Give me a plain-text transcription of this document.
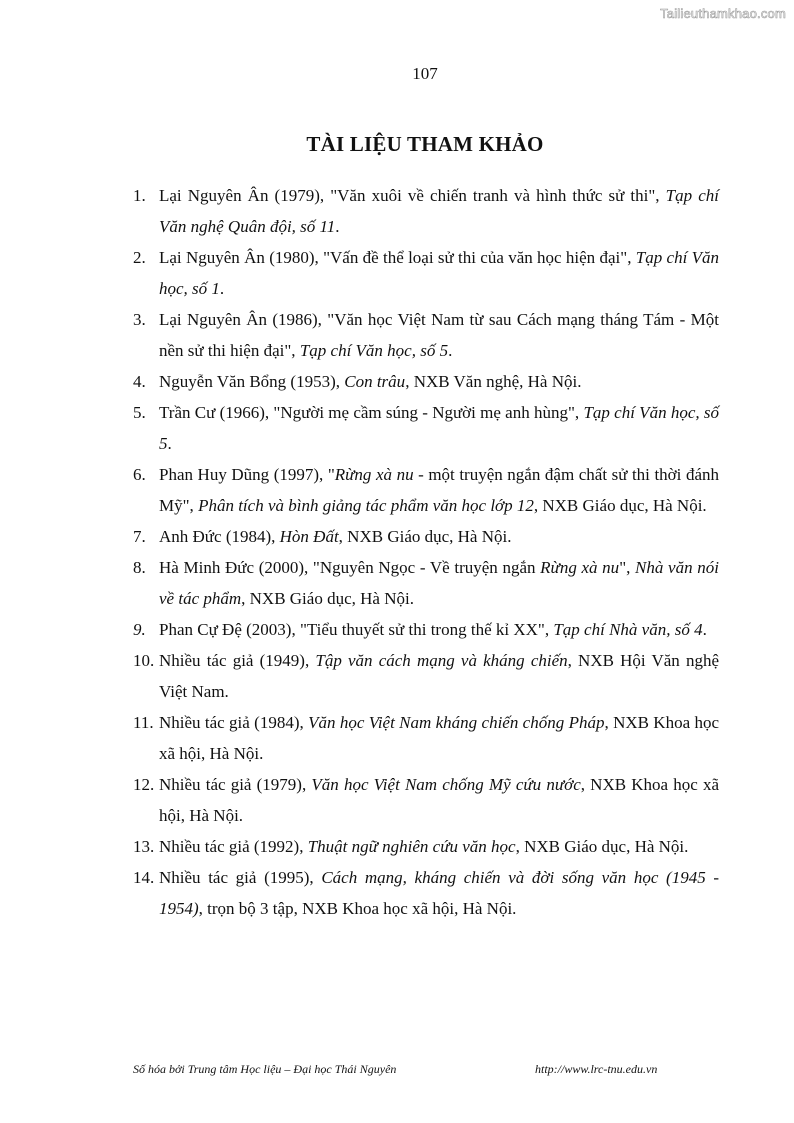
Tailieuthamkhao.com
107
TÀI LIỆU THAM KHẢO
1. Lại Nguyên Ân (1979), "Văn xuôi về chiến tranh và hình thức sử thi", Tạp chí Văn nghệ Quân đội, số 11.
2. Lại Nguyên Ân (1980), "Vấn đề thể loại sử thi của văn học hiện đại", Tạp chí Văn học, số 1.
3. Lại Nguyên Ân (1986), "Văn học Việt Nam từ sau Cách mạng tháng Tám - Một nền sử thi hiện đại", Tạp chí Văn học, số 5.
4. Nguyễn Văn Bổng (1953), Con trâu, NXB Văn nghệ, Hà Nội.
5. Trần Cư (1966), "Người mẹ cầm súng - Người mẹ anh hùng", Tạp chí Văn học, số 5.
6. Phan Huy Dũng (1997), "Rừng xà nu - một truyện ngắn đậm chất sử thi thời đánh Mỹ", Phân tích và bình giảng tác phẩm văn học lớp 12, NXB Giáo dục, Hà Nội.
7. Anh Đức (1984), Hòn Đất, NXB Giáo dục, Hà Nội.
8. Hà Minh Đức (2000), "Nguyên Ngọc - Về truyện ngắn Rừng xà nu", Nhà văn nói về tác phẩm, NXB Giáo dục, Hà Nội.
9. Phan Cự Đệ (2003), "Tiểu thuyết sử thi trong thế kỉ XX", Tạp chí Nhà văn, số 4.
10. Nhiều tác giả (1949), Tập văn cách mạng và kháng chiến, NXB Hội Văn nghệ Việt Nam.
11. Nhiều tác giả (1984), Văn học Việt Nam kháng chiến chống Pháp, NXB Khoa học xã hội, Hà Nội.
12. Nhiều tác giả (1979), Văn học Việt Nam chống Mỹ cứu nước, NXB Khoa học xã hội, Hà Nội.
13. Nhiều tác giả (1992), Thuật ngữ nghiên cứu văn học, NXB Giáo dục, Hà Nội.
14. Nhiều tác giả (1995), Cách mạng, kháng chiến và đời sống văn học (1945 - 1954), trọn bộ 3 tập, NXB Khoa học xã hội, Hà Nội.
Số hóa bởi Trung tâm Học liệu – Đại học Thái Nguyên	http://www.lrc-tnu.edu.vn
